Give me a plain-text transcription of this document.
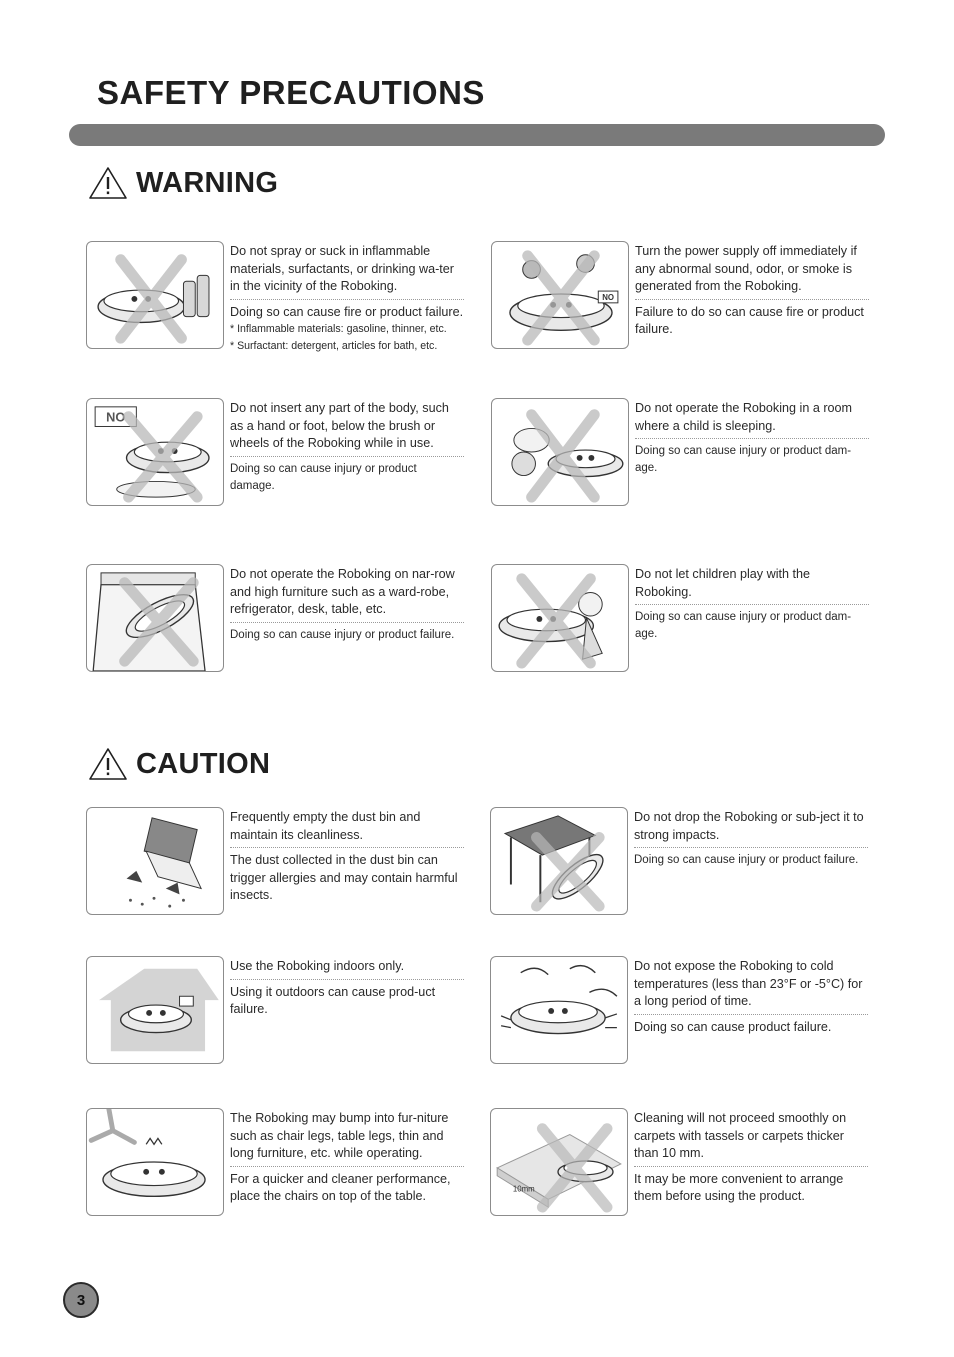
SAFETY PRECAUTIONS
WARNING
Do not spray or suck in inflammable materials, surfactants, or drinking wa-ter in the vicinity of the Roboking.
Doing so can cause fire or product failure.
* Inflammable materials: gasoline, thinner, etc.
* Surfactant: detergent, articles for bath, etc.
NO
Turn the power supply off immediately if any abnormal sound, odor, or smoke is generated from the Roboking.
Failure to do so can cause fire or product failure.
NO
Do not insert any part of the body, such as a hand or foot, below the brush or wheels of the Roboking while in use.
Doing so can cause injury or product damage.
Do not operate the Roboking in a room where a child is sleeping.
Doing so can cause injury or product dam-age.
Do not operate the Roboking on nar-row and high furniture such as a ward-robe, refrigerator, desk, table, etc.
Doing so can cause injury or product failure.
Do not let children play with the Roboking.
Doing so can cause injury or product dam-age.
CAUTION
Frequently empty the dust bin and maintain its cleanliness.
The dust collected in the dust bin can trigger allergies and may contain harmful insects.
Do not drop the Roboking or sub-ject it to strong impacts.
Doing so can cause injury or product failure.
Use the Roboking indoors only.
Using it outdoors can cause prod-uct failure.
Do not expose the Roboking to cold temperatures (less than 23°F or -5°C) for a long period of time.
Doing so can cause product failure.
The Roboking may bump into fur-niture such as chair legs, table legs, thin and long furniture, etc. while operating.
For a quicker and cleaner performance, place the chairs on top of the table.
10mm
Cleaning will not proceed smoothly on carpets with tassels or carpets thicker than 10 mm.
It may be more convenient to arrange them before using the product.
3
